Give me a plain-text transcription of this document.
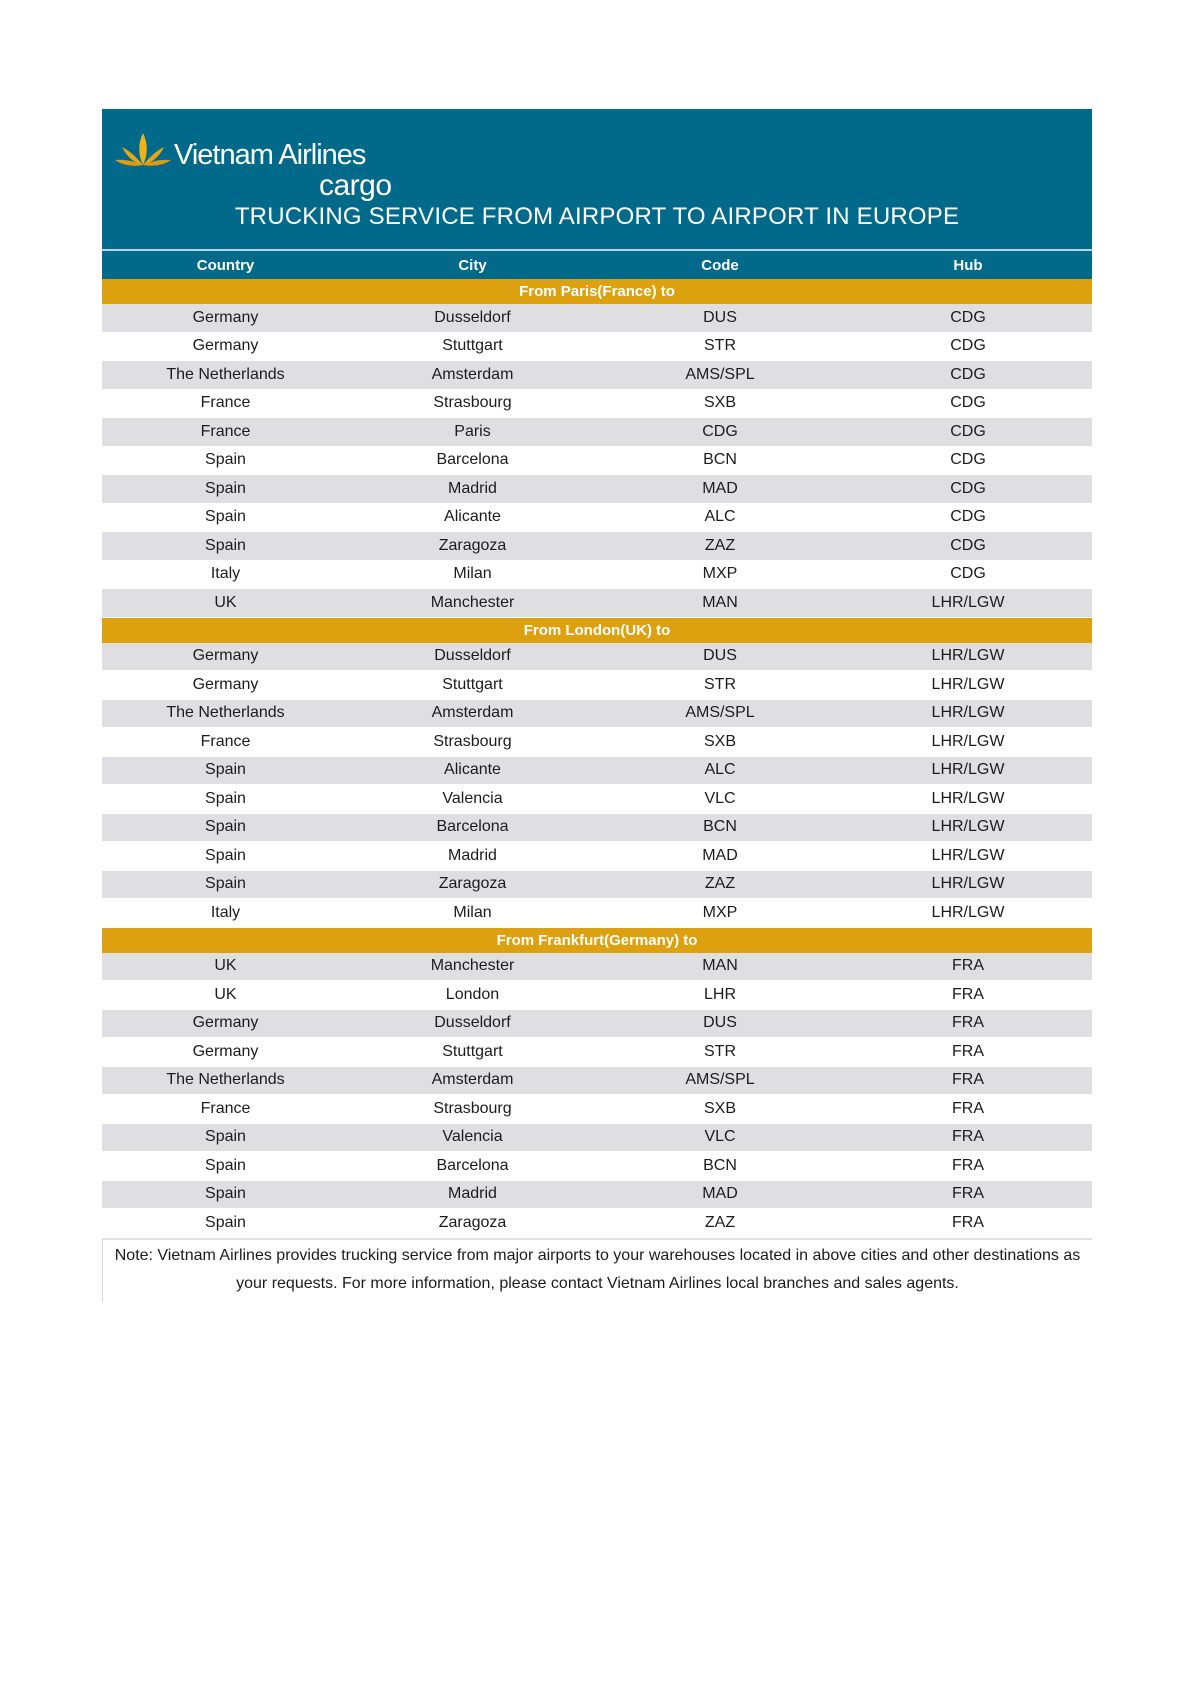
Vietnam Airlines
cargo
TRUCKING SERVICE FROM AIRPORT TO AIRPORT IN EUROPE
Country	City	Code	Hub
From Paris(France) to
Germany	Dusseldorf	DUS	CDG
Germany	Stuttgart	STR	CDG
The Netherlands	Amsterdam	AMS/SPL	CDG
France	Strasbourg	SXB	CDG
France	Paris	CDG	CDG
Spain	Barcelona	BCN	CDG
Spain	Madrid	MAD	CDG
Spain	Alicante	ALC	CDG
Spain	Zaragoza	ZAZ	CDG
Italy	Milan	MXP	CDG
UK	Manchester	MAN	LHR/LGW
From London(UK) to
Germany	Dusseldorf	DUS	LHR/LGW
Germany	Stuttgart	STR	LHR/LGW
The Netherlands	Amsterdam	AMS/SPL	LHR/LGW
France	Strasbourg	SXB	LHR/LGW
Spain	Alicante	ALC	LHR/LGW
Spain	Valencia	VLC	LHR/LGW
Spain	Barcelona	BCN	LHR/LGW
Spain	Madrid	MAD	LHR/LGW
Spain	Zaragoza	ZAZ	LHR/LGW
Italy	Milan	MXP	LHR/LGW
From Frankfurt(Germany) to
UK	Manchester	MAN	FRA
UK	London	LHR	FRA
Germany	Dusseldorf	DUS	FRA
Germany	Stuttgart	STR	FRA
The Netherlands	Amsterdam	AMS/SPL	FRA
France	Strasbourg	SXB	FRA
Spain	Valencia	VLC	FRA
Spain	Barcelona	BCN	FRA
Spain	Madrid	MAD	FRA
Spain	Zaragoza	ZAZ	FRA
Note: Vietnam Airlines provides trucking service from major airports to your warehouses located in above cities and other destinations as your requests. For more information, please contact Vietnam Airlines local branches and sales agents.
